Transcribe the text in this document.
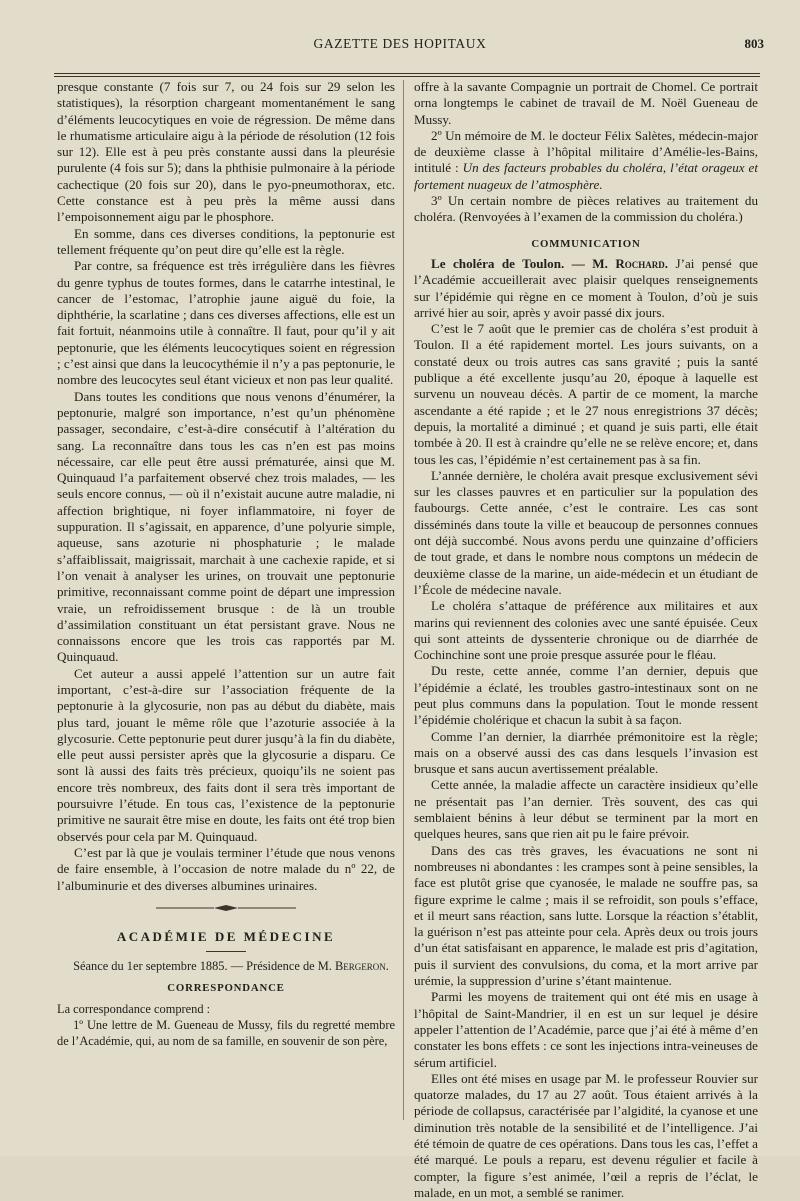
GAZETTE DES HOPITAUX	803

presque constante (7 fois sur 7, ou 24 fois sur 29 selon les statistiques), la résorption chargeant momentanément le sang d’éléments leucocytiques en voie de régression. De même dans le rhumatisme articulaire aigu à la période de résolution (12 fois sur 12). Elle est à peu près constante aussi dans la pleurésie purulente (4 fois sur 5); dans la phthisie pulmonaire à la période cachectique (20 fois sur 20), dans le pyo-pneumothorax, etc. Cette constance est à peu près la même aussi dans l’empoisonnement aigu par le phosphore.

En somme, dans ces diverses conditions, la peptonurie est tellement fréquente qu’on peut dire qu’elle est la règle.

Par contre, sa fréquence est très irrégulière dans les fièvres du genre typhus de toutes formes, dans le catarrhe intestinal, le cancer de l’estomac, l’atrophie jaune aiguë du foie, la diphthérie, la scarlatine ; dans ces diverses affections, elle est un fait fortuit, néanmoins utile à connaître. Il faut, pour qu’il y ait peptonurie, que les éléments leucocytiques soient en régression ; c’est ainsi que dans la leucocythémie il n’y a pas peptonurie, le nombre des leucocytes seul étant vicieux et non pas leur qualité.

Dans toutes les conditions que nous venons d’énumérer, la peptonurie, malgré son importance, n’est qu’un phénomène passager, secondaire, c’est-à-dire consécutif à l’altération du sang. La reconnaître dans tous les cas n’en est pas moins nécessaire, car elle peut être aussi prématurée, ainsi que M. Quinquaud l’a parfaitement observé chez trois malades, — les seuls encore connus, — où il n’existait aucune autre maladie, ni affection brightique, ni foyer inflammatoire, ni foyer de suppuration. Il s’agissait, en apparence, d’une polyurie simple, aqueuse, sans azoturie ni phosphaturie ; le malade s’affaiblissait, maigrissait, marchait à une cachexie rapide, et si l’on venait à analyser les urines, on trouvait une peptonurie primitive, reconnaissant comme point de départ une impression vraie, un refroidissement brusque : de là un trouble d’assimilation constituant un état persistant grave. Nous ne connaissons encore que les trois cas rapportés par M. Quinquaud.

Cet auteur a aussi appelé l’attention sur un autre fait important, c’est-à-dire sur l’association fréquente de la peptonurie à la glycosurie, non pas au début du diabète, mais plus tard, jouant le même rôle que l’azoturie associée à la glycosurie. Cette peptonurie peut durer jusqu’à la fin du diabète, elle peut aussi persister après que la glycosurie a disparu. Ce sont là aussi des faits très précieux, quoiqu’ils ne soient pas encore très nombreux, des faits dont il sera très important de poursuivre l’étude. En tous cas, l’existence de la peptonurie primitive ne saurait être mise en doute, les faits ont été trop bien observés pour cela par M. Quinquaud.

C’est par là que je voulais terminer l’étude que nous venons de faire ensemble, à l’occasion de notre malade du nº 22, de l’albuminurie et des diverses albumines urinaires.

ACADÉMIE DE MÉDECINE

Séance du 1er septembre 1885. — Présidence de M. Bergeron.

CORRESPONDANCE

La correspondance comprend :

1º Une lettre de M. Gueneau de Mussy, fils du regretté membre de l’Académie, qui, au nom de sa famille, en souvenir de son père,

offre à la savante Compagnie un portrait de Chomel. Ce portrait orna longtemps le cabinet de travail de M. Noël Gueneau de Mussy.

2º Un mémoire de M. le docteur Félix Salètes, médecin-major de deuxième classe à l’hôpital militaire d’Amélie-les-Bains, intitulé : Un des facteurs probables du choléra, l’état orageux et fortement nuageux de l’atmosphère.

3º Un certain nombre de pièces relatives au traitement du choléra. (Renvoyées à l’examen de la commission du choléra.)

COMMUNICATION

Le choléra de Toulon. — M. Rochard. J’ai pensé que l’Académie accueillerait avec plaisir quelques renseignements sur l’épidémie qui règne en ce moment à Toulon, d’où je suis arrivé hier au soir, après y avoir passé dix jours.

C’est le 7 août que le premier cas de choléra s’est produit à Toulon. Il a été rapidement mortel. Les jours suivants, on a constaté deux ou trois autres cas sans gravité ; puis la santé publique a été excellente jusqu’au 20, époque à laquelle est survenu un nouveau décès. A partir de ce moment, la marche ascendante a été rapide ; et le 27 nous enregistrions 37 décès; depuis, la mortalité a diminué ; et quand je suis parti, elle était tombée à 20. Il est à craindre qu’elle ne se relève encore; et, dans tous les cas, l’épidémie n’est certainement pas à sa fin.

L’année dernière, le choléra avait presque exclusivement sévi sur les classes pauvres et en particulier sur la population des faubourgs. Cette année, c’est le contraire. Les cas sont disséminés dans toute la ville et beaucoup de personnes connues ont déjà succombé. Nous avons perdu une quinzaine d’officiers de tout grade, et dans le nombre nous comptons un médecin de deuxième classe de la marine, un aide-médecin et un étudiant de l’École de médecine navale.

Le choléra s’attaque de préférence aux militaires et aux marins qui reviennent des colonies avec une santé épuisée. Ceux qui sont atteints de dyssenterie chronique ou de diarrhée de Cochinchine sont une proie presque assurée pour le fléau.

Du reste, cette année, comme l’an dernier, depuis que l’épidémie a éclaté, les troubles gastro-intestinaux sont on ne peut plus communs dans la population. Tout le monde ressent l’épidémie cholérique et chacun la subit à sa façon.

Comme l’an dernier, la diarrhée prémonitoire est la règle; mais on a observé aussi des cas dans lesquels l’invasion est brusque et sans aucun avertissement préalable.

Cette année, la maladie affecte un caractère insidieux qu’elle ne présentait pas l’an dernier. Très souvent, des cas qui semblaient bénins à leur début se terminent par la mort en quelques heures, sans que rien ait pu le faire prévoir.

Dans des cas très graves, les évacuations ne sont ni nombreuses ni abondantes : les crampes sont à peine sensibles, la face est plutôt grise que cyanosée, le malade ne souffre pas, sa figure exprime le calme ; mais il se refroidit, son pouls s’efface, et il meurt sans réaction, sans lutte. Lorsque la réaction s’établit, la guérison n’est pas atteinte pour cela. Après deux ou trois jours d’un état satisfaisant en apparence, le malade est pris d’agitation, puis il survient des convulsions, du coma, et la mort arrive par urémie, la suppression d’urine s’étant maintenue.

Parmi les moyens de traitement qui ont été mis en usage à l’hôpital de Saint-Mandrier, il en est un sur lequel je désire appeler l’attention de l’Académie, parce que j’ai été à même d’en constater les bons effets : ce sont les injections intra-veineuses de sérum artificiel.

Elles ont été mises en usage par M. le professeur Rouvier sur quatorze malades, du 17 au 27 août. Tous étaient arrivés à la période de collapsus, caractérisée par l’algidité, la cyanose et une diminution très notable de la sensibilité et de l’intelligence. J’ai été témoin de quatre de ces opérations. Dans tous les cas, l’effet a été marqué. Le pouls a reparu, est devenu régulier et facile à compter, la figure s’est animée, l’œil a repris de l’éclat, le malade, en un mot, a semblé se ranimer.
